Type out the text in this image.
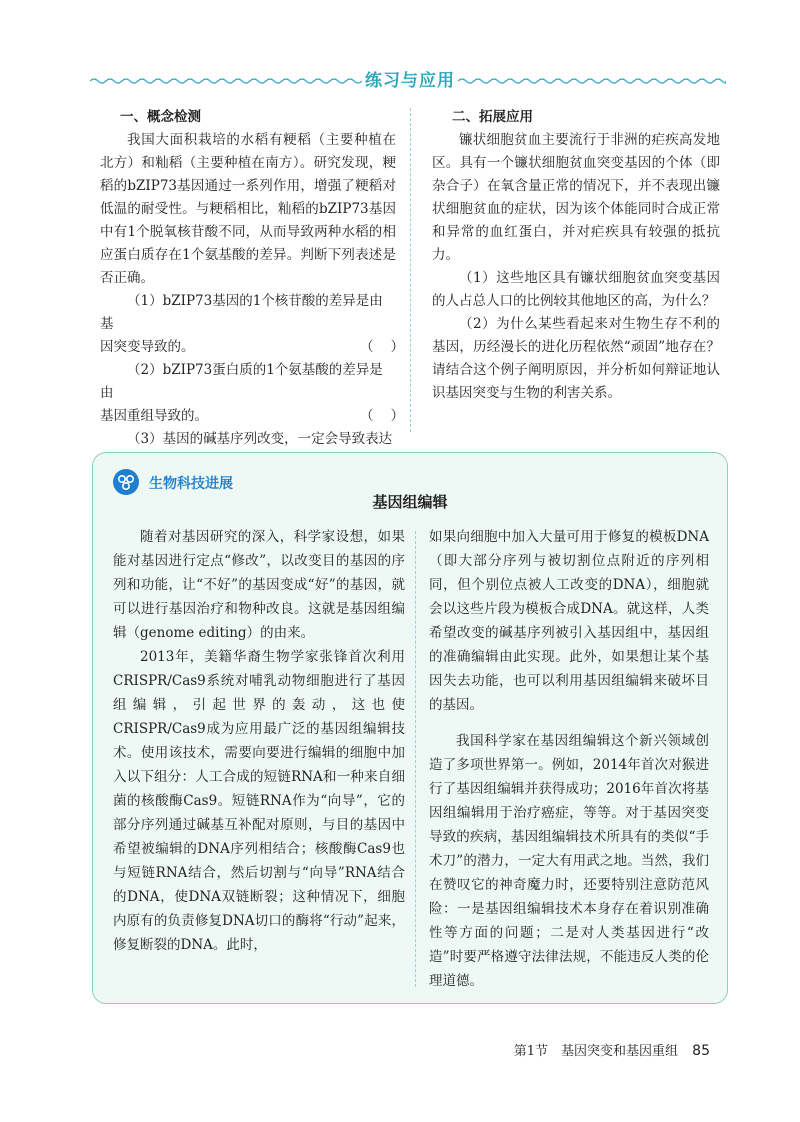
练习与应用
一、概念检测

我国大面积栽培的水稻有粳稻（主要种植在北方）和籼稻（主要种植在南方）。研究发现，粳稻的bZIP73基因通过一系列作用，增强了粳稻对低温的耐受性。与粳稻相比，籼稻的bZIP73基因中有1个脱氧核苷酸不同，从而导致两种水稻的相应蛋白质存在1个氨基酸的差异。判断下列表述是否正确。

（1）bZIP73基因的1个核苷酸的差异是由基
因突变导致的。	（    ）
（2）bZIP73蛋白质的1个氨基酸的差异是由
基因重组导致的。	（    ）
（3）基因的碱基序列改变，一定会导致表达
二、拓展应用

镰状细胞贫血主要流行于非洲的疟疾高发地区。具有一个镰状细胞贫血突变基因的个体（即杂合子）在氧含量正常的情况下，并不表现出镰状细胞贫血的症状，因为该个体能同时合成正常和异常的血红蛋白，并对疟疾具有较强的抵抗力。

（1）这些地区具有镰状细胞贫血突变基因的人占总人口的比例较其他地区的高，为什么？

（2）为什么某些看起来对生物生存不利的基因，历经漫长的进化历程依然“顽固”地存在？请结合这个例子阐明原因，并分析如何辩证地认识基因突变与生物的利害关系。

生物科技进展
基因组编辑

随着对基因研究的深入，科学家设想，如果能对基因进行定点“修改”，以改变目的基因的序列和功能，让“不好”的基因变成“好”的基因，就可以进行基因治疗和物种改良。这就是基因组编辑（genome editing）的由来。

2013年，美籍华裔生物学家张锋首次利用CRISPR/Cas9系统对哺乳动物细胞进行了基因组编辑，引起世界的轰动，这也使CRISPR/Cas9成为应用最广泛的基因组编辑技术。使用该技术，需要向要进行编辑的细胞中加入以下组分：人工合成的短链RNA和一种来自细菌的核酸酶Cas9。短链RNA作为“向导”，它的部分序列通过碱基互补配对原则，与目的基因中希望被编辑的DNA序列相结合；核酸酶Cas9也与短链RNA结合，然后切割与“向导”RNA结合的DNA，使DNA双链断裂；这种情况下，细胞内原有的负责修复DNA切口的酶将“行动”起来，修复断裂的DNA。此时，

如果向细胞中加入大量可用于修复的模板DNA（即大部分序列与被切割位点附近的序列相同，但个别位点被人工改变的DNA），细胞就会以这些片段为模板合成DNA。就这样，人类希望改变的碱基序列被引入基因组中，基因组的准确编辑由此实现。此外，如果想让某个基因失去功能，也可以利用基因组编辑来破坏目的基因。

我国科学家在基因组编辑这个新兴领域创造了多项世界第一。例如，2014年首次对猴进行了基因组编辑并获得成功；2016年首次将基因组编辑用于治疗癌症，等等。对于基因突变导致的疾病，基因组编辑技术所具有的类似“手术刀”的潜力，一定大有用武之地。当然，我们在赞叹它的神奇魔力时，还要特别注意防范风险：一是基因组编辑技术本身存在着识别准确性等方面的问题；二是对人类基因进行“改造”时要严格遵守法律法规，不能违反人类的伦理道德。

第1节　基因突变和基因重组 85
